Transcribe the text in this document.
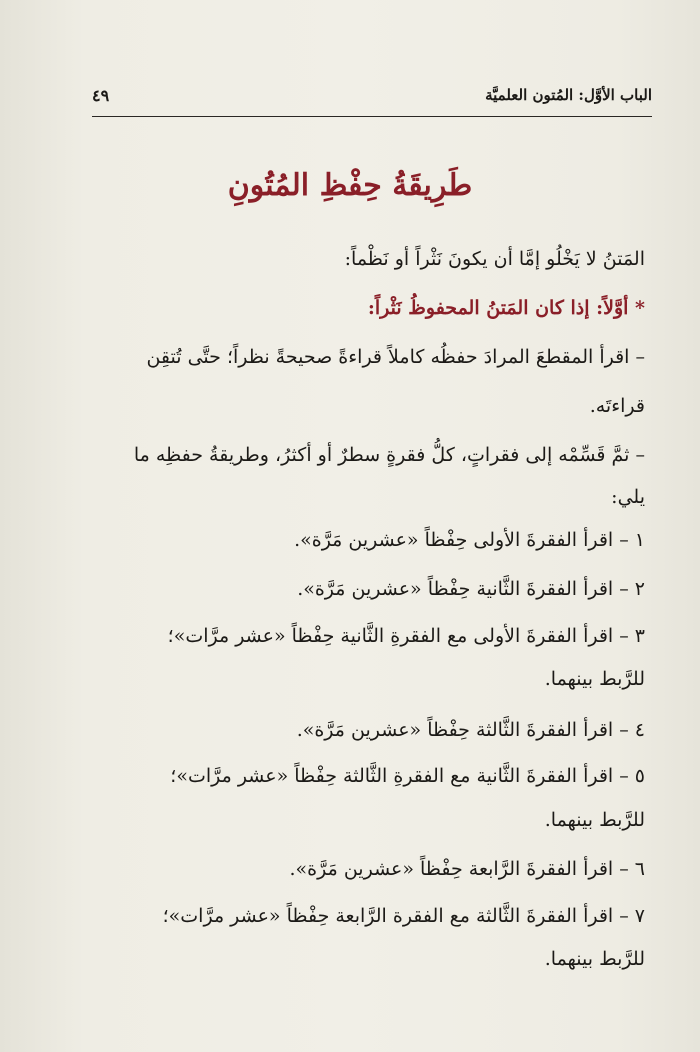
الباب الأوَّل: المُتون العلميَّة
٤٩
طَرِيقَةُ حِفْظِ المُتُونِ
المَتنُ لا يَخْلُو إمَّا أن يكونَ نَثْراً أو نَظْماً:
* أوَّلاً: إذا كان المَتنُ المحفوظُ نَثْراً:
– اقرأ المقطعَ المرادَ حفظُه كاملاً قراءةً صحيحةً نظراً؛ حتَّى تُتقِن
قراءتَه.
– ثمَّ قَسِّمْه إلى فقراتٍ، كلُّ فقرةٍ سطرٌ أو أكثرُ، وطريقةُ حفظِه ما
يلي:
١ – اقرأ الفقرةَ الأولى حِفْظاً «عشرين مَرَّة».
٢ – اقرأ الفقرةَ الثَّانية حِفْظاً «عشرين مَرَّة».
٣ – اقرأ الفقرةَ الأولى مع الفقرةِ الثَّانية حِفْظاً «عشر مرَّات»؛
للرَّبط بينهما.
٤ – اقرأ الفقرةَ الثَّالثة حِفْظاً «عشرين مَرَّة».
٥ – اقرأ الفقرةَ الثَّانية مع الفقرةِ الثَّالثة حِفْظاً «عشر مرَّات»؛
للرَّبط بينهما.
٦ – اقرأ الفقرةَ الرَّابعة حِفْظاً «عشرين مَرَّة».
٧ – اقرأ الفقرةَ الثَّالثة مع الفقرة الرَّابعة حِفْظاً «عشر مرَّات»؛
للرَّبط بينهما.
